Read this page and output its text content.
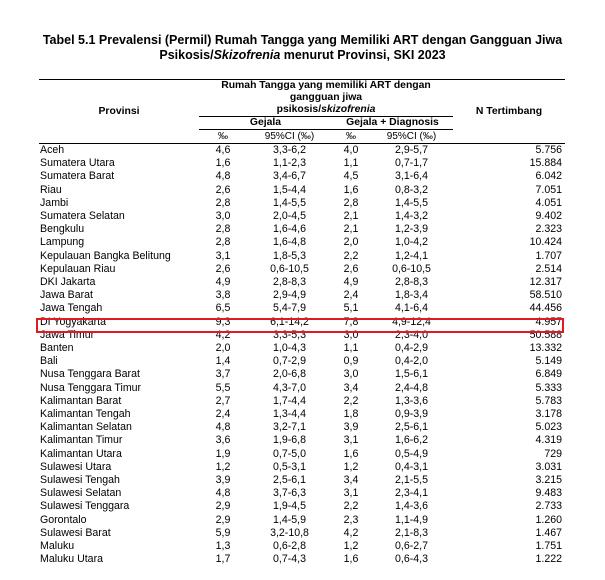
Tabel 5.1 Prevalensi (Permil) Rumah Tangga yang Memiliki ART dengan Gangguan Jiwa
Psikosis/Skizofrenia menurut Provinsi, SKI 2023
Provinsi	Rumah Tangga yang memiliki ART dengan gangguan jiwa
psikosis/skizofrenia				N Tertimbang
	Gejala		Gejala + Diagnosis		
	‰	95%CI (‰)	‰	95%CI (‰)	
Aceh	4,6	3,3-6,2	4,0	2,9-5,7	5.756
Sumatera Utara	1,6	1,1-2,3	1,1	0,7-1,7	15.884
Sumatera Barat	4,8	3,4-6,7	4,5	3,1-6,4	6.042
Riau	2,6	1,5-4,4	1,6	0,8-3,2	7.051
Jambi	2,8	1,4-5,5	2,8	1,4-5,5	4.051
Sumatera Selatan	3,0	2,0-4,5	2,1	1,4-3,2	9.402
Bengkulu	2,8	1,6-4,6	2,1	1,2-3,9	2.323
Lampung	2,8	1,6-4,8	2,0	1,0-4,2	10.424
Kepulauan Bangka Belitung	3,1	1,8-5,3	2,2	1,2-4,1	1.707
Kepulauan Riau	2,6	0,6-10,5	2,6	0,6-10,5	2.514
DKI Jakarta	4,9	2,8-8,3	4,9	2,8-8,3	12.317
Jawa Barat	3,8	2,9-4,9	2,4	1,8-3,4	58.510
Jawa Tengah	6,5	5,4-7,9	5,1	4,1-6,4	44.456
DI Yogyakarta	9,3	6,1-14,2	7,8	4,9-12,4	4.957
Jawa Timur	4,2	3,3-5,3	3,0	2,3-4,0	50.588
Banten	2,0	1,0-4,3	1,1	0,4-2,9	13.332
Bali	1,4	0,7-2,9	0,9	0,4-2,0	5.149
Nusa Tenggara Barat	3,7	2,0-6,8	3,0	1,5-6,1	6.849
Nusa Tenggara Timur	5,5	4,3-7,0	3,4	2,4-4,8	5.333
Kalimantan Barat	2,7	1,7-4,4	2,2	1,3-3,6	5.783
Kalimantan Tengah	2,4	1,3-4,4	1,8	0,9-3,9	3.178
Kalimantan Selatan	4,8	3,2-7,1	3,9	2,5-6,1	5.023
Kalimantan Timur	3,6	1,9-6,8	3,1	1,6-6,2	4.319
Kalimantan Utara	1,9	0,7-5,0	1,6	0,5-4,9	729
Sulawesi Utara	1,2	0,5-3,1	1,2	0,4-3,1	3.031
Sulawesi Tengah	3,9	2,5-6,1	3,4	2,1-5,5	3.215
Sulawesi Selatan	4,8	3,7-6,3	3,1	2,3-4,1	9.483
Sulawesi Tenggara	2,9	1,9-4,5	2,2	1,4-3,6	2.733
Gorontalo	2,9	1,4-5,9	2,3	1,1-4,9	1.260
Sulawesi Barat	5,9	3,2-10,8	4,2	2,1-8,3	1.467
Maluku	1,3	0,6-2,8	1,2	0,6-2,7	1.751
Maluku Utara	1,7	0,7-4,3	1,6	0,6-4,3	1.222
